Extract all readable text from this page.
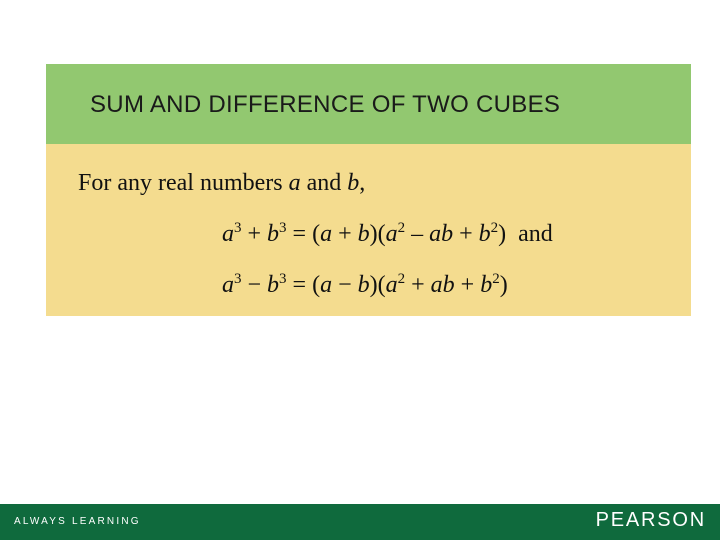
SUM AND DIFFERENCE OF TWO CUBES
For any real numbers a and b,
$a^3 + b^3 = (a + b)(a^2$ – ab + $b^2$) and
$a^3 - b^3 = (a - b)(a^2$ + ab + $b^2$)
ALWAYS LEARNING	PEARSON
